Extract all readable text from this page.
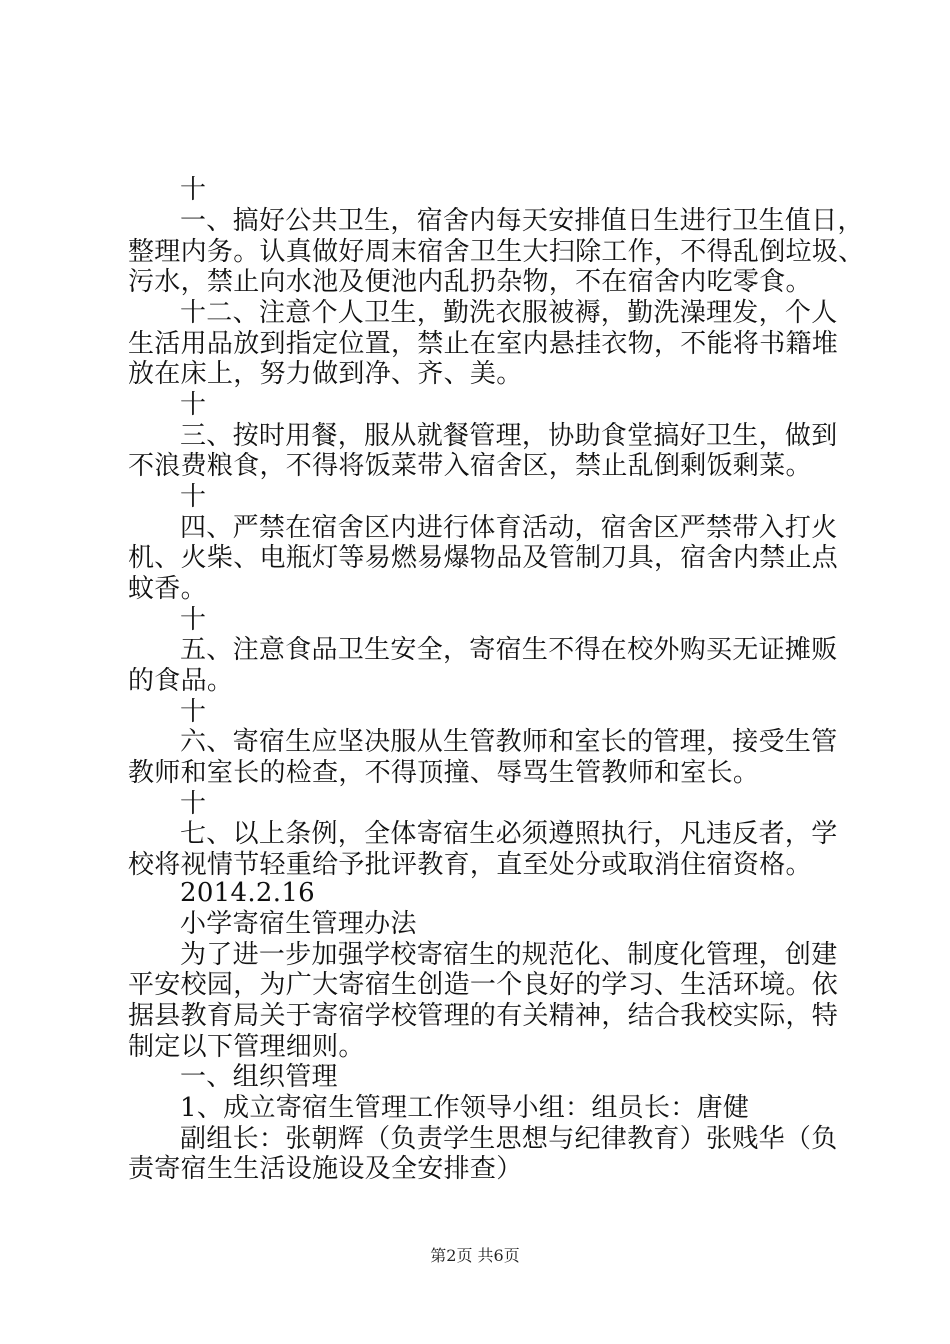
十
一、搞好公共卫生，宿舍内每天安排值日生进行卫生值日，
整理内务。认真做好周末宿舍卫生大扫除工作，不得乱倒垃圾、
污水，禁止向水池及便池内乱扔杂物，不在宿舍内吃零食。
十二、注意个人卫生，勤洗衣服被褥，勤洗澡理发，个人
生活用品放到指定位置，禁止在室内悬挂衣物，不能将书籍堆
放在床上，努力做到净、齐、美。
十
三、按时用餐，服从就餐管理，协助食堂搞好卫生，做到
不浪费粮食，不得将饭菜带入宿舍区，禁止乱倒剩饭剩菜。
十
四、严禁在宿舍区内进行体育活动，宿舍区严禁带入打火
机、火柴、电瓶灯等易燃易爆物品及管制刀具，宿舍内禁止点
蚊香。
十
五、注意食品卫生安全，寄宿生不得在校外购买无证摊贩
的食品。
十
六、寄宿生应坚决服从生管教师和室长的管理，接受生管
教师和室长的检查，不得顶撞、辱骂生管教师和室长。
十
七、以上条例，全体寄宿生必须遵照执行，凡违反者，学
校将视情节轻重给予批评教育，直至处分或取消住宿资格。
2014.2.16
小学寄宿生管理办法
为了进一步加强学校寄宿生的规范化、制度化管理，创建
平安校园，为广大寄宿生创造一个良好的学习、生活环境。依
据县教育局关于寄宿学校管理的有关精神，结合我校实际，特
制定以下管理细则。
一、组织管理
1、成立寄宿生管理工作领导小组：组员长：唐健
副组长：张朝辉（负责学生思想与纪律教育）张贱华（负
责寄宿生生活设施设及全安排查）
第2页 共6页
